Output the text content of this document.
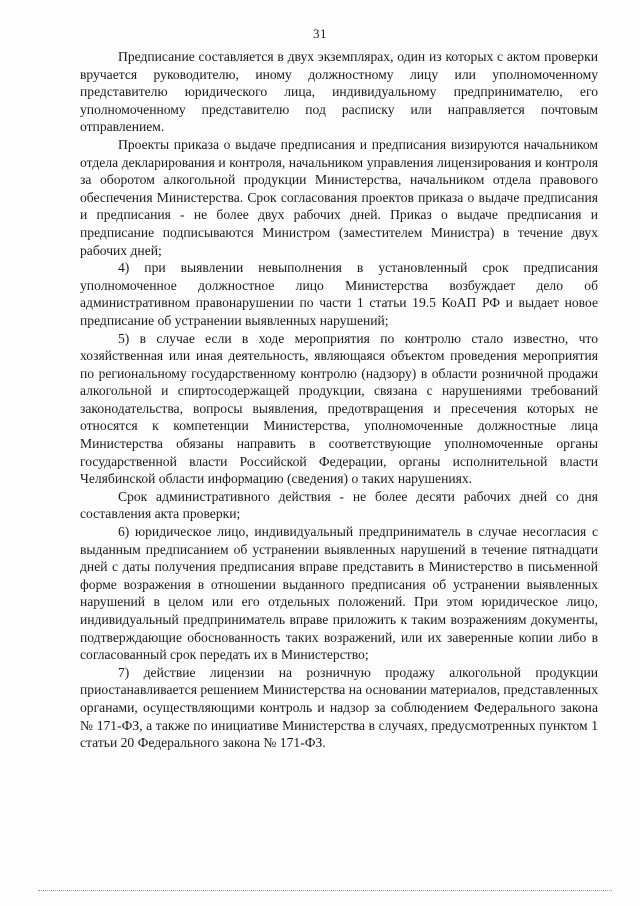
31

Предписание составляется в двух экземплярах, один из которых с актом проверки вручается руководителю, иному должностному лицу или уполномоченному представителю юридического лица, индивидуальному предпринимателю, его уполномоченному представителю под расписку или направляется почтовым отправлением.

Проекты приказа о выдаче предписания и предписания визируются начальником отдела декларирования и контроля, начальником управления лицензирования и контроля за оборотом алкогольной продукции Министерства, начальником отдела правового обеспечения Министерства. Срок согласования проектов приказа о выдаче предписания и предписания - не более двух рабочих дней. Приказ о выдаче предписания и предписание подписываются Министром (заместителем Министра) в течение двух рабочих дней;

4) при выявлении невыполнения в установленный срок предписания уполномоченное должностное лицо Министерства возбуждает дело об административном правонарушении по части 1 статьи 19.5 КоАП РФ и выдает новое предписание об устранении выявленных нарушений;

5) в случае если в ходе мероприятия по контролю стало известно, что хозяйственная или иная деятельность, являющаяся объектом проведения мероприятия по региональному государственному контролю (надзору) в области розничной продажи алкогольной и спиртосодержащей продукции, связана с нарушениями требований законодательства, вопросы выявления, предотвращения и пресечения которых не относятся к компетенции Министерства, уполномоченные должностные лица Министерства обязаны направить в соответствующие уполномоченные органы государственной власти Российской Федерации, органы исполнительной власти Челябинской области информацию (сведения) о таких нарушениях.

Срок административного действия - не более десяти рабочих дней со дня составления акта проверки;

6) юридическое лицо, индивидуальный предприниматель в случае несогласия с выданным предписанием об устранении выявленных нарушений в течение пятнадцати дней с даты получения предписания вправе представить в Министерство в письменной форме возражения в отношении выданного предписания об устранении выявленных нарушений в целом или его отдельных положений. При этом юридическое лицо, индивидуальный предприниматель вправе приложить к таким возражениям документы, подтверждающие обоснованность таких возражений, или их заверенные копии либо в согласованный срок передать их в Министерство;

7) действие лицензии на розничную продажу алкогольной продукции приостанавливается решением Министерства на основании материалов, представленных органами, осуществляющими контроль и надзор за соблюдением Федерального закона № 171-ФЗ, а также по инициативе Министерства в случаях, предусмотренных пунктом 1 статьи 20 Федерального закона № 171-ФЗ.
